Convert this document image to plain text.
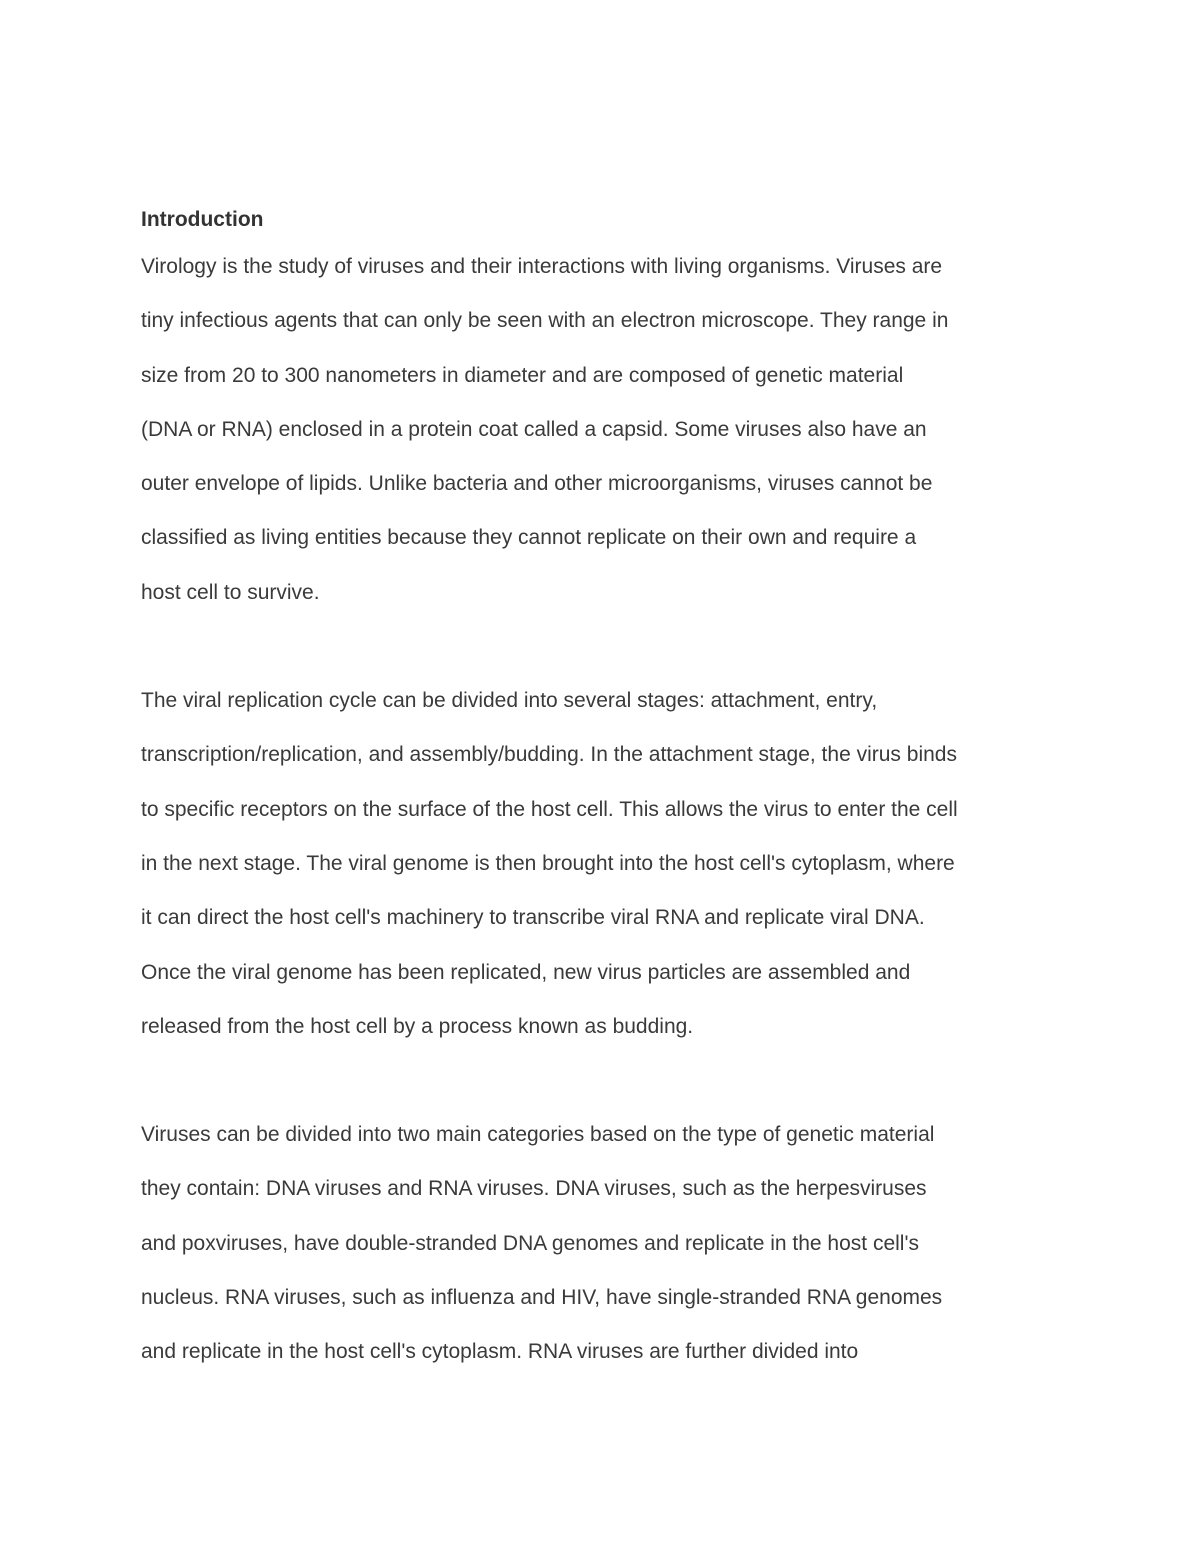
Introduction
Virology is the study of viruses and their interactions with living organisms. Viruses are
tiny infectious agents that can only be seen with an electron microscope. They range in
size from 20 to 300 nanometers in diameter and are composed of genetic material
(DNA or RNA) enclosed in a protein coat called a capsid. Some viruses also have an
outer envelope of lipids. Unlike bacteria and other microorganisms, viruses cannot be
classified as living entities because they cannot replicate on their own and require a
host cell to survive.
The viral replication cycle can be divided into several stages: attachment, entry,
transcription/replication, and assembly/budding. In the attachment stage, the virus binds
to specific receptors on the surface of the host cell. This allows the virus to enter the cell
in the next stage. The viral genome is then brought into the host cell's cytoplasm, where
it can direct the host cell's machinery to transcribe viral RNA and replicate viral DNA.
Once the viral genome has been replicated, new virus particles are assembled and
released from the host cell by a process known as budding.
Viruses can be divided into two main categories based on the type of genetic material
they contain: DNA viruses and RNA viruses. DNA viruses, such as the herpesviruses
and poxviruses, have double-stranded DNA genomes and replicate in the host cell's
nucleus. RNA viruses, such as influenza and HIV, have single-stranded RNA genomes
and replicate in the host cell's cytoplasm. RNA viruses are further divided into
